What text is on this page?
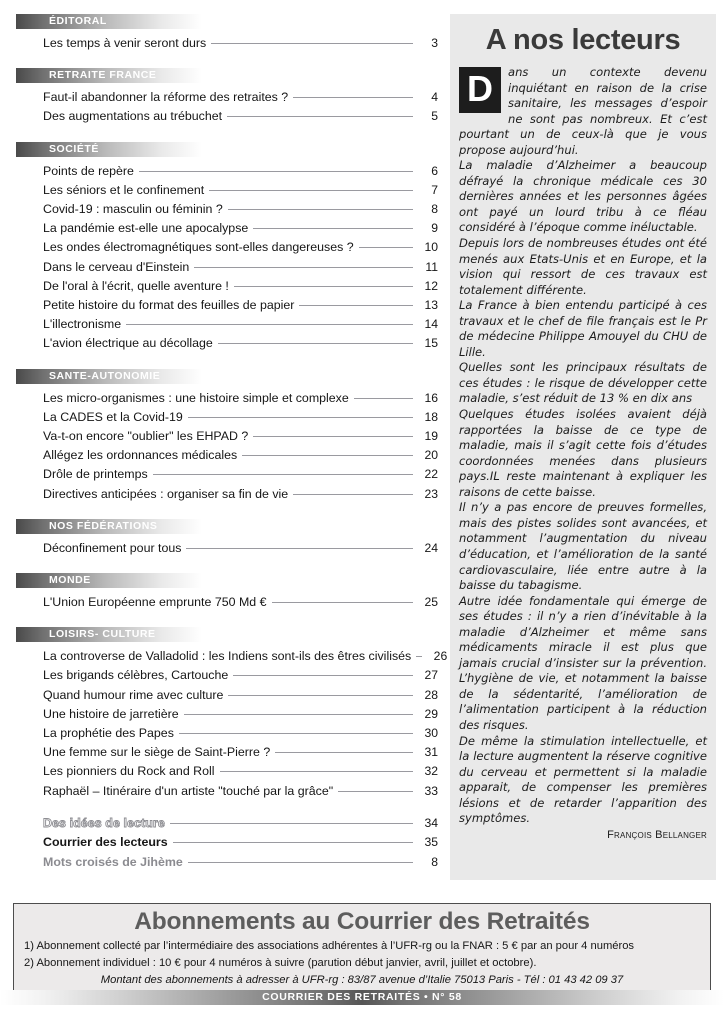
ÉDITORAL
Les temps à venir seront durs	3
RETRAITE FRANCE
Faut-il abandonner la réforme des retraites ?	4
Des augmentations au trébuchet	5
SOCIÉTÉ
Points de repère	6
Les séniors et le confinement	7
Covid-19 : masculin ou féminin ?	8
La pandémie est-elle une apocalypse	9
Les ondes électromagnétiques sont-elles dangereuses ?	10
Dans le cerveau d'Einstein	11
De l'oral à l'écrit, quelle aventure !	12
Petite histoire du format des feuilles de papier	13
L'illectronisme	14
L'avion électrique au décollage	15
SANTE-AUTONOMIE
Les micro-organismes : une histoire simple et complexe	16
La CADES et la Covid-19	18
Va-t-on encore "oublier" les EHPAD ?	19
Allégez les ordonnances médicales	20
Drôle de printemps	22
Directives anticipées : organiser sa fin de vie	23
NOS FÉDÉRATIONS
Déconfinement pour tous	24
MONDE
L'Union Européenne emprunte 750 Md €	25
LOISIRS- CULTURE
La controverse de Valladolid : les Indiens sont-ils des êtres civilisés	26
Les brigands célèbres, Cartouche	27
Quand humour rime avec culture	28
Une histoire de jarretière	29
La prophétie des Papes	30
Une femme sur le siège de Saint-Pierre ?	31
Les pionniers du Rock and Roll	32
Raphaël – Itinéraire d'un artiste "touché par la grâce"	33
Des idées de lecture	34
Courrier des lecteurs	35
Mots croisés de Jihème	8
A nos lecteurs

D	ans un contexte devenu inquiétant en raison de la crise sanitaire, les messages d’espoir ne sont pas nombreux. Et c’est pourtant un de ceux-là que je vous propose aujourd’hui.

La maladie d’Alzheimer a beaucoup défrayé la chronique médicale ces 30 dernières années et les personnes âgées ont payé un lourd tribu à ce fléau considéré à l’époque comme inéluctable.

Depuis lors de nombreuses études ont été menés aux Etats-Unis et en Europe, et la vision qui ressort de ces travaux est totalement différente.

La France à bien entendu participé à ces travaux et le chef de file français est le Pr de médecine Philippe Amouyel du CHU de Lille.

Quelles sont les principaux résultats de ces études : le risque de développer cette maladie, s’est réduit de 13 % en dix ans

Quelques études isolées avaient déjà rapportées la baisse de ce type de maladie, mais il s’agit cette fois d’études coordonnées menées dans plusieurs pays.IL reste maintenant à expliquer les raisons de cette baisse.

Il n’y a pas encore de preuves formelles, mais des pistes solides sont avancées, et notamment l’augmentation du niveau d’éducation, et l’amélioration de la santé cardiovasculaire, liée entre autre à la baisse du tabagisme.

Autre idée fondamentale qui émerge de ses études : il n’y a rien d’inévitable à la maladie d’Alzheimer et même sans médicaments miracle il est plus que jamais crucial d’insister sur la prévention. L’hygiène de vie, et notamment la baisse de la sédentarité, l’amélioration de l’alimentation participent à la réduction des risques.

De même la stimulation intellectuelle, et la lecture augmentent la réserve cognitive du cerveau et permettent si la maladie apparait, de compenser les premières lésions et de retarder l’apparition des symptômes.

François Bellanger
Abonnements au Courrier des Retraités
1) Abonnement collecté par l’intermédiaire des associations adhérentes à l’UFR-rg ou la FNAR : 5 € par an pour 4 numéros
2) Abonnement individuel : 10 € pour 4 numéros à suivre (parution début janvier, avril, juillet et octobre).
Montant des abonnements à adresser à UFR-rg : 83/87 avenue d’Italie 75013 Paris - Tél : 01 43 42 09 37
COURRIER DES RETRAITÉS • N° 58
